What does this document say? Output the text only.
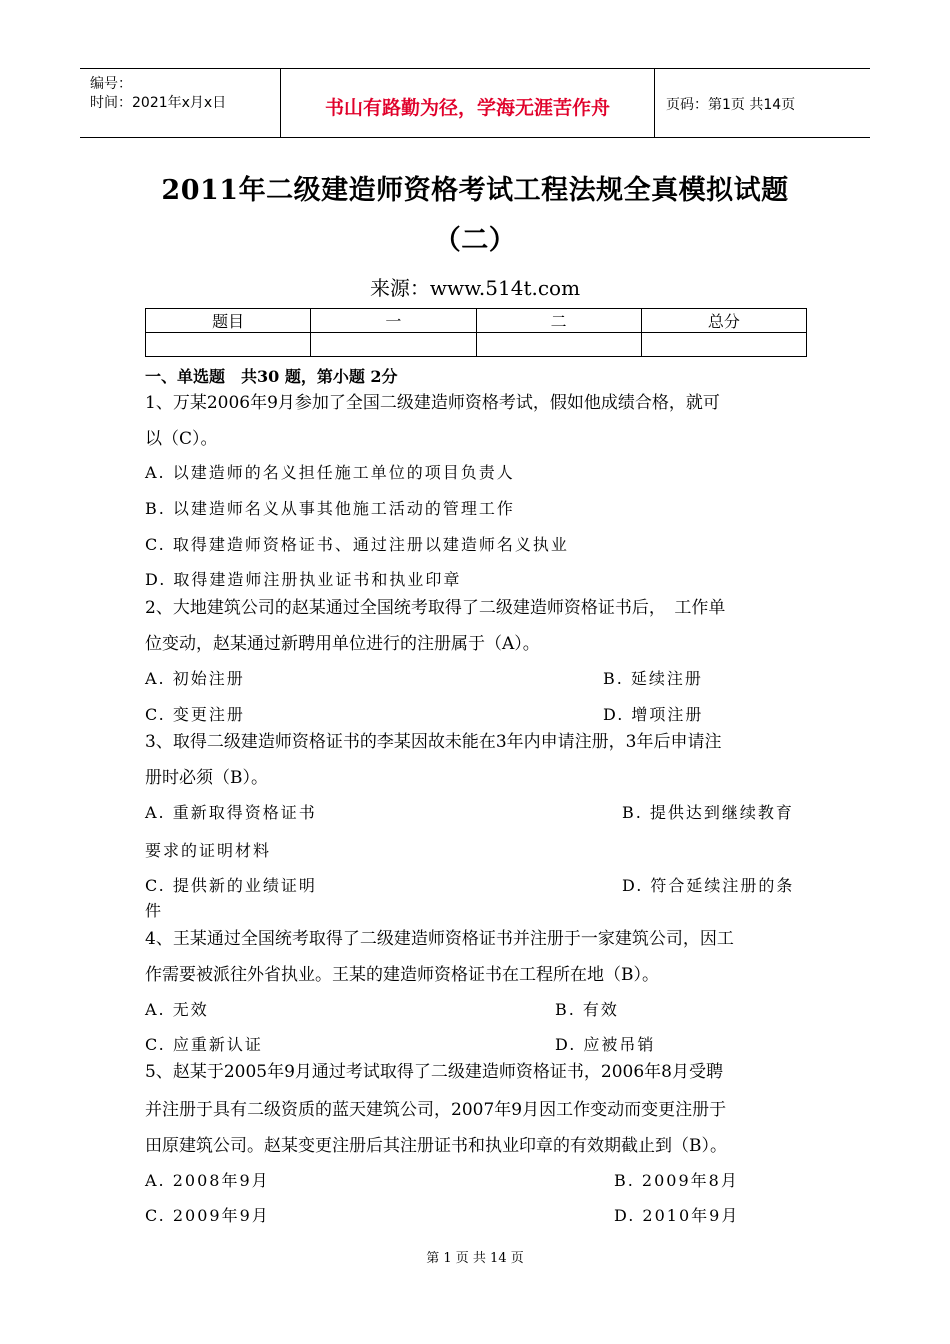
编号：
时间：2021年x月x日	书山有路勤为径，学海无涯苦作舟	页码：第1页 共14页
2011年二级建造师资格考试工程法规全真模拟试题
（二）
来源：www.514t.com
题目	一	二	总分

一、单选题　共30 题，第小题 2分
1、万某2006年9月参加了全国二级建造师资格考试，假如他成绩合格，就可
以（C）。
A. 以建造师的名义担任施工单位的项目负责人
B. 以建造师名义从事其他施工活动的管理工作
C. 取得建造师资格证书、通过注册以建造师名义执业
D. 取得建造师注册执业证书和执业印章
2、大地建筑公司的赵某通过全国统考取得了二级建造师资格证书后，　工作单
位变动，赵某通过新聘用单位进行的注册属于（A）。
A. 初始注册	B. 延续注册
C. 变更注册	D. 增项注册
3、取得二级建造师资格证书的李某因故未能在3年内申请注册，3年后申请注
册时必须（B）。
A. 重新取得资格证书	B. 提供达到继续教育
要求的证明材料
C. 提供新的业绩证明	D. 符合延续注册的条
件
4、王某通过全国统考取得了二级建造师资格证书并注册于一家建筑公司，因工
作需要被派往外省执业。王某的建造师资格证书在工程所在地（B）。
A. 无效	B. 有效
C. 应重新认证	D. 应被吊销
5、赵某于2005年9月通过考试取得了二级建造师资格证书，2006年8月受聘
并注册于具有二级资质的蓝天建筑公司，2007年9月因工作变动而变更注册于
田原建筑公司。赵某变更注册后其注册证书和执业印章的有效期截止到（B）。
A. 2008年9月	B. 2009年8月
C. 2009年9月	D. 2010年9月
第 1 页 共 14 页
